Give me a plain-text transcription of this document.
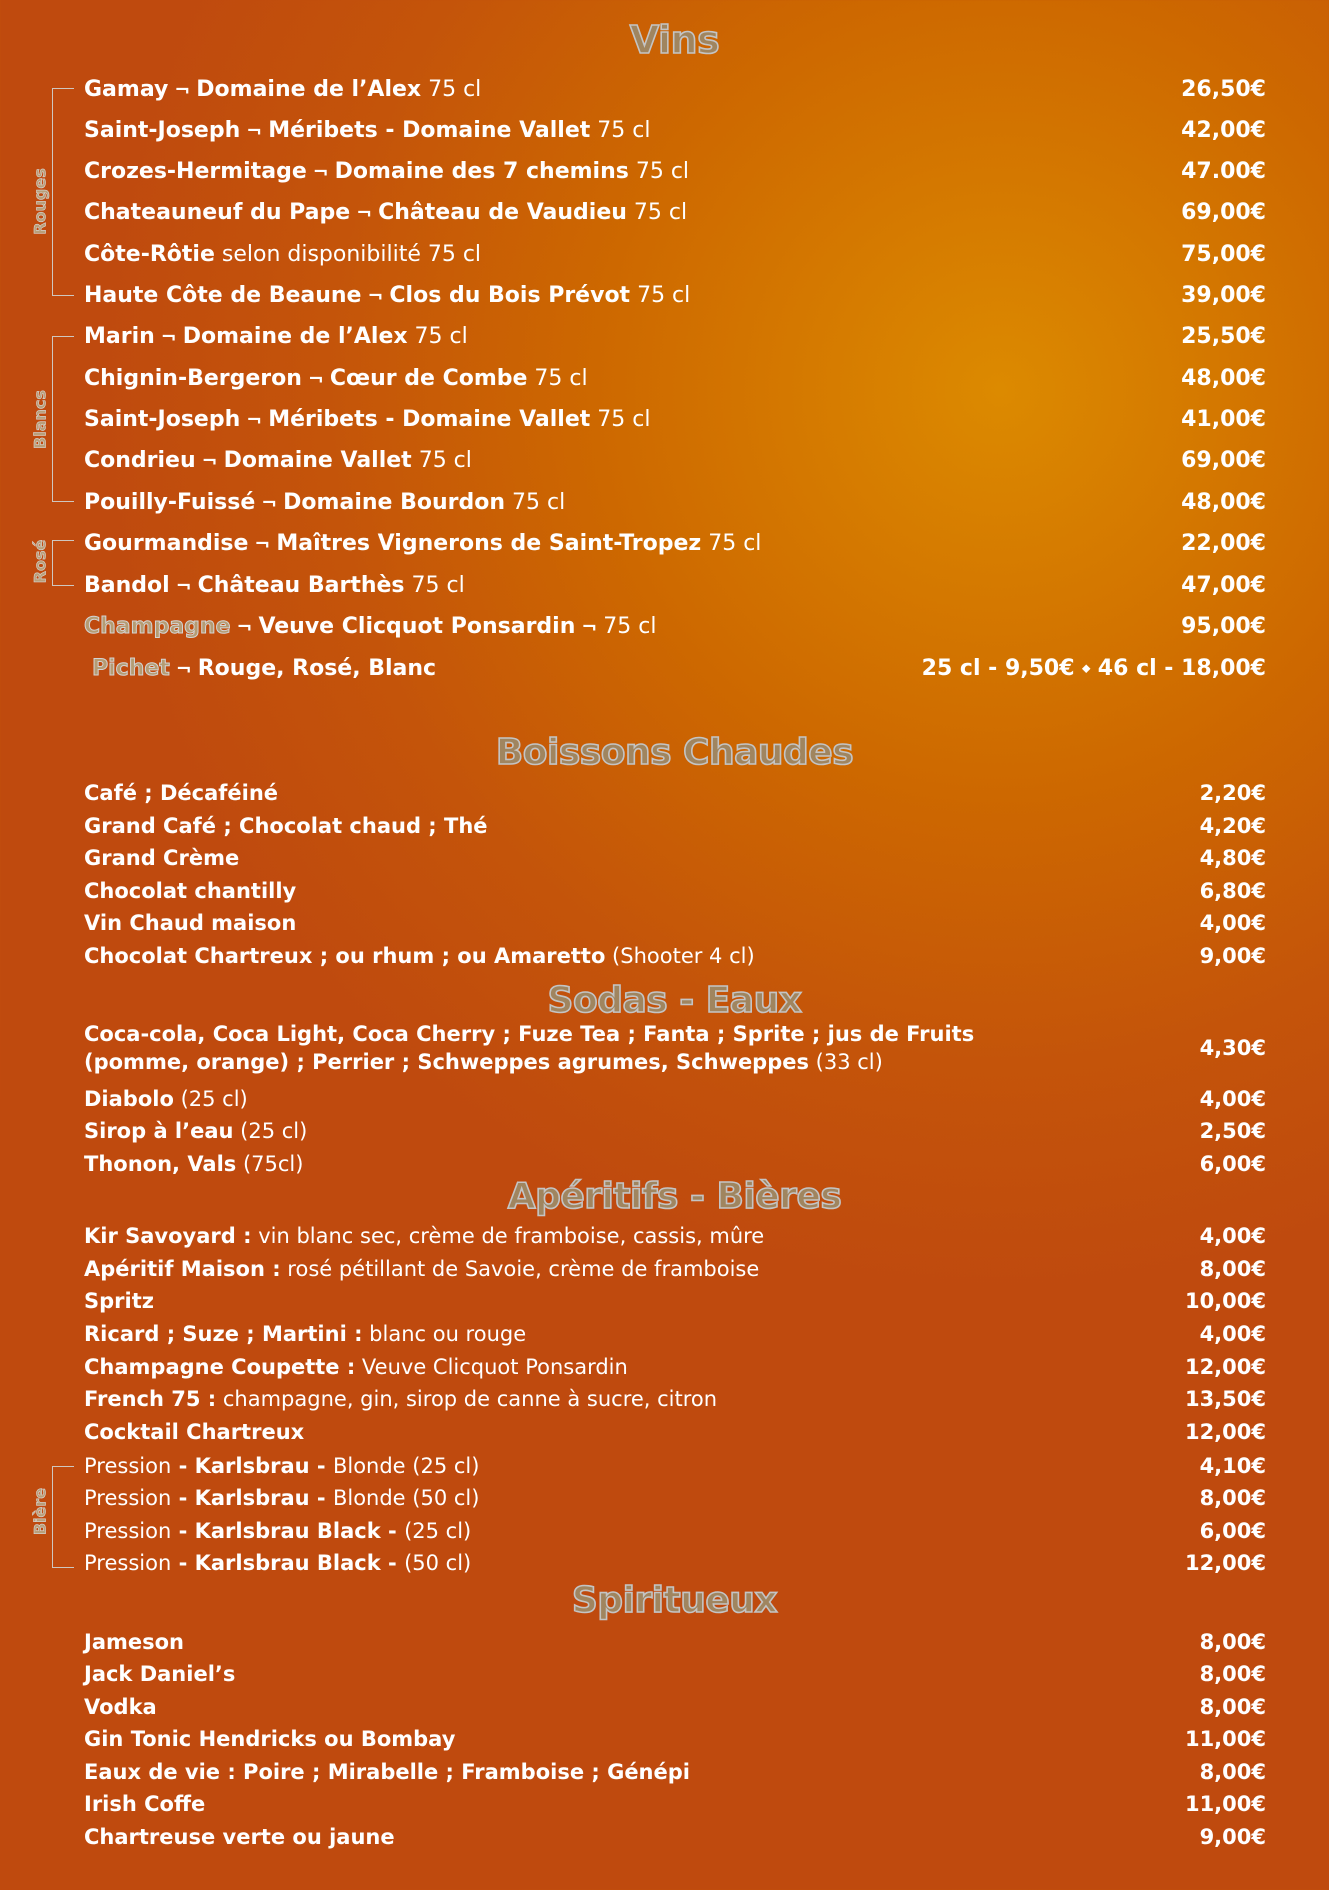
Vins
Boissons Chaudes
Sodas - Eaux
Apéritifs - Bières
Spiritueux
Rouges
Blancs
Rosé
Bière
Gamay ¬ Domaine de l’Alex 75 cl	26,50€
Saint-Joseph ¬ Méribets - Domaine Vallet 75 cl	42,00€
Crozes-Hermitage ¬ Domaine des 7 chemins 75 cl	47.00€
Chateauneuf du Pape ¬ Château de Vaudieu 75 cl	69,00€
Côte-Rôtie selon disponibilité 75 cl	75,00€
Haute Côte de Beaune ¬ Clos du Bois Prévot 75 cl	39,00€
Marin ¬ Domaine de l’Alex 75 cl	25,50€
Chignin-Bergeron ¬ Cœur de Combe 75 cl	48,00€
Saint-Joseph ¬ Méribets - Domaine Vallet 75 cl	41,00€
Condrieu ¬ Domaine Vallet 75 cl	69,00€
Pouilly-Fuissé ¬ Domaine Bourdon 75 cl	48,00€
Gourmandise ¬ Maîtres Vignerons de Saint-Tropez 75 cl	22,00€
Bandol ¬ Château Barthès 75 cl	47,00€
Champagne ¬ Veuve Clicquot Ponsardin ¬ 75 cl	95,00€
Pichet ¬ Rouge, Rosé, Blanc	25 cl - 9,50€ ⬩ 46 cl - 18,00€
Café ; Décaféiné	2,20€
Grand Café ; Chocolat chaud ; Thé	4,20€
Grand Crème	4,80€
Chocolat chantilly	6,80€
Vin Chaud maison	4,00€
Chocolat Chartreux ; ou rhum ; ou Amaretto (Shooter 4 cl)	9,00€
Coca-cola, Coca Light, Coca Cherry ; Fuze Tea ; Fanta ; Sprite ; jus de Fruits
(pomme, orange) ; Perrier ; Schweppes agrumes, Schweppes (33 cl)
4,30€
Diabolo (25 cl)	4,00€
Sirop à l’eau (25 cl)	2,50€
Thonon, Vals (75cl)	6,00€
Kir Savoyard : vin blanc sec, crème de framboise, cassis, mûre	4,00€
Apéritif Maison : rosé pétillant de Savoie, crème de framboise	8,00€
Spritz	10,00€
Ricard ; Suze ; Martini : blanc ou rouge	4,00€
Champagne Coupette : Veuve Clicquot Ponsardin	12,00€
French 75 : champagne, gin, sirop de canne à sucre, citron	13,50€
Cocktail Chartreux	12,00€
Pression - Karlsbrau - Blonde (25 cl)	4,10€
Pression - Karlsbrau - Blonde (50 cl)	8,00€
Pression - Karlsbrau Black - (25 cl)	6,00€
Pression - Karlsbrau Black - (50 cl)	12,00€
Jameson	8,00€
Jack Daniel’s	8,00€
Vodka	8,00€
Gin Tonic Hendricks ou Bombay	11,00€
Eaux de vie : Poire ; Mirabelle ; Framboise ; Génépi	8,00€
Irish Coffe	11,00€
Chartreuse verte ou jaune	9,00€
